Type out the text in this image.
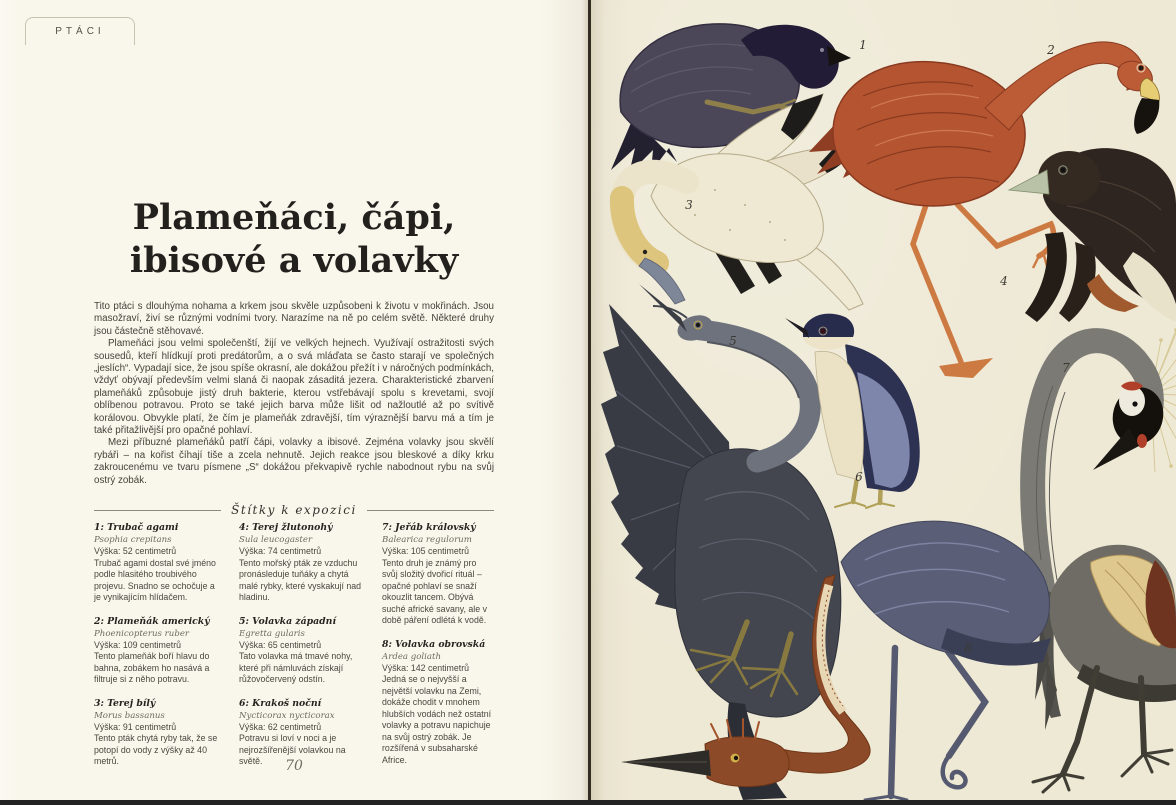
PTÁCI
Plameňáci, čápi,
ibisové a volavky

Tito ptáci s dlouhýma nohama a krkem jsou skvěle uzpůsobeni k životu v mokřinách. Jsou masožraví, živí se různými vodními tvory. Narazíme na ně po celém světě. Některé druhy jsou částečně stěhovavé.

Plameňáci jsou velmi společenští, žijí ve velkých hejnech. Využívají ostražitosti svých sousedů, kteří hlídkují proti predátorům, a o svá mláďata se často starají ve společných „jeslích“. Vypadají sice, že jsou spíše okrasní, ale dokážou přežít i v náročných podmínkách, vždyť obývají především velmi slaná či naopak zásaditá jezera. Charakteristické zbarvení plameňáků způsobuje jistý druh bakterie, kterou vstřebávají spolu s krevetami, svojí oblíbenou potravou. Proto se také jejich barva může lišit od nažloutlé až po svítivě korálovou. Obvykle platí, že čím je plameňák zdravější, tím výraznější barvu má a tím je také přitažlivější pro opačné pohlaví.

Mezi příbuzné plameňáků patří čápi, volavky a ibisové. Zejména volavky jsou skvělí rybáři – na kořist číhají tiše a zcela nehnutě. Jejich reakce jsou bleskové a díky krku zakroucenému ve tvaru písmene „S“ dokážou překvapivě rychle nabodnout rybu na svůj ostrý zobák.

Štítky k expozici
1: Trubač agami
Psophia crepitans
Výška: 52 centimetrů
Trubač agami dostal své jméno podle hlasitého troubivého projevu. Snadno se ochočuje a je vynikajícím hlídačem.
2: Plameňák americký
Phoenicopterus ruber
Výška: 109 centimetrů
Tento plameňák boří hlavu do bahna, zobákem ho nasává a filtruje si z něho potravu.
3: Terej bílý
Morus bassanus
Výška: 91 centimetrů
Tento pták chytá ryby tak, že se potopí do vody z výšky až 40 metrů.
4: Terej žlutonohý
Sula leucogaster
Výška: 74 centimetrů
Tento mořský pták ze vzduchu pronásleduje tuňáky a chytá malé rybky, které vyskakují nad hladinu.
5: Volavka západní
Egretta gularis
Výška: 65 centimetrů
Tato volavka má tmavé nohy, které při námluvách získají růžovočervený odstín.
6: Krakoš noční
Nycticorax nycticorax
Výška: 62 centimetrů
Potravu si loví v noci a je nejrozšířenější volavkou na světě.
7: Jeřáb královský
Balearica regulorum
Výška: 105 centimetrů
Tento druh je známý pro svůj složitý dvořicí rituál – opačné pohlaví se snaží okouzlit tancem. Obývá suché africké savany, ale v době páření odlétá k vodě.
8: Volavka obrovská
Ardea goliath
Výška: 142 centimetrů
Jedná se o nejvyšší a největší volavku na Zemi, dokáže chodit v mnohem hlubších vodách než ostatní volavky a potravu napichuje na svůj ostrý zobák. Je rozšířená v subsaharské Africe.
70
1	2
3
4
5
6
7
8
